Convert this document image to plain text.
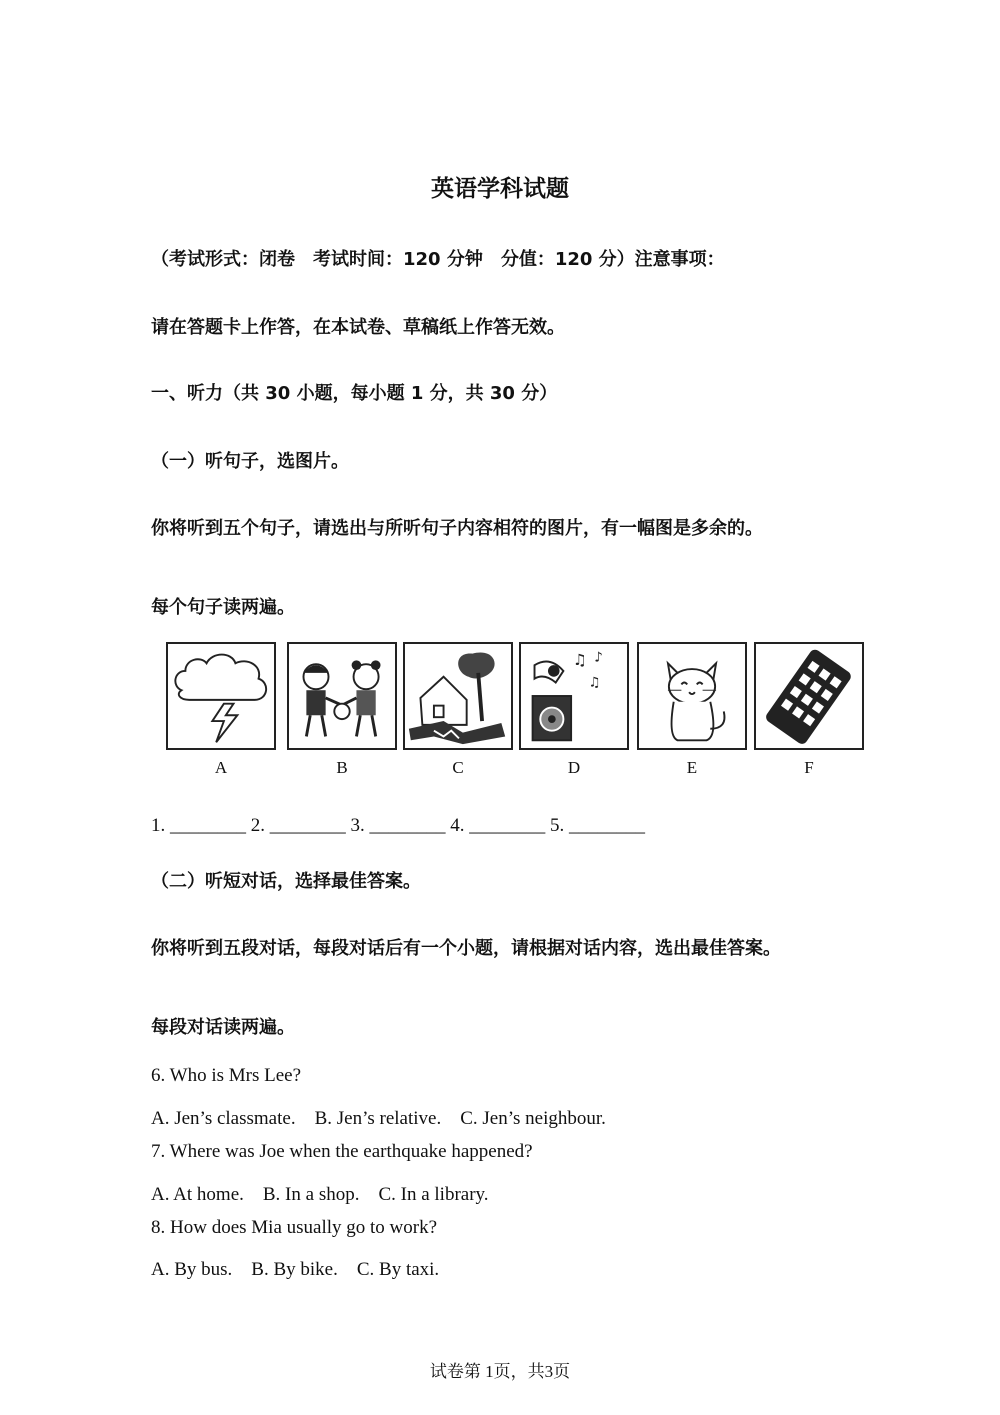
英语学科试题
（考试形式：闭卷　考试时间：120 分钟　分值：120 分）注意事项：
请在答题卡上作答，在本试卷、草稿纸上作答无效。
一、听力（共 30 小题，每小题 1 分，共 30 分）
（一）听句子，选图片。
你将听到五个句子，请选出与所听句子内容相符的图片，有一幅图是多余的。
每个句子读两遍。
♫ ♪
♫
A	B	C	D	E	F
1. ________ 2. ________ 3. ________ 4. ________ 5. ________
（二）听短对话，选择最佳答案。
你将听到五段对话，每段对话后有一个小题，请根据对话内容，选出最佳答案。
每段对话读两遍。
6. Who is Mrs Lee?
A. Jen’s classmate.　B. Jen’s relative.　C. Jen’s neighbour.
7. Where was Joe when the earthquake happened?
A. At home.　B. In a shop.　C. In a library.
8. How does Mia usually go to work?
A. By bus.　B. By bike.　C. By taxi.
试卷第 1页，共3页
